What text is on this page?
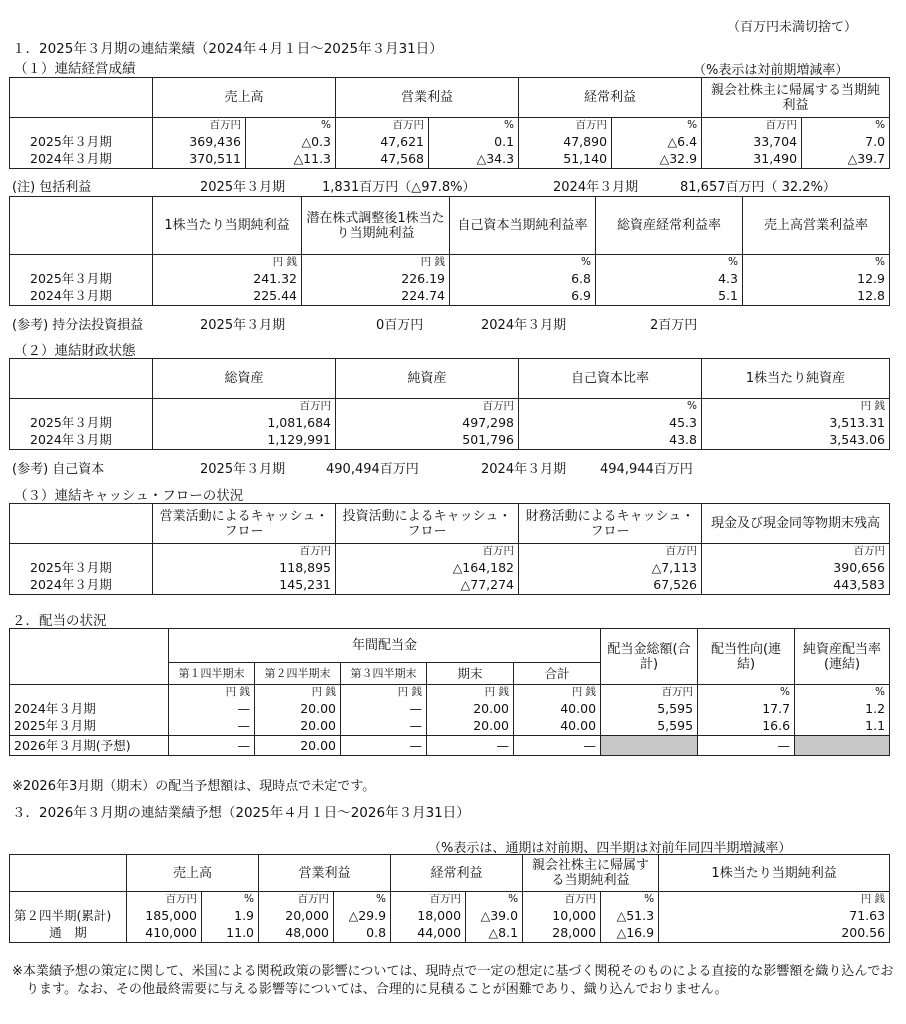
（百万円未満切捨て）
１．2025年３月期の連結業績（2024年４月１日～2025年３月31日）
（１）連結経営成績	（%表示は対前期増減率）
	売上高		営業利益		経常利益		親会社株主に帰属する当期純利益	
	百万円	%	百万円	%	百万円	%	百万円	%
2025年３月期	369,436	△0.3	47,621	0.1	47,890	△6.4	33,704	7.0
2024年３月期	370,511	△11.3	47,568	△34.3	51,140	△32.9	31,490	△39.7
(注) 包括利益	2025年３月期	1,831百万円（△97.8%）	2024年３月期	81,657百万円（ 32.2%）
	1株当たり当期純利益	潜在株式調整後1株当たり当期純利益	自己資本当期純利益率	総資産経常利益率	売上高営業利益率
	円 銭	円 銭	%	%	%
2025年３月期	241.32	226.19	6.8	4.3	12.9
2024年３月期	225.44	224.74	6.9	5.1	12.8
(参考) 持分法投資損益	2025年３月期	0百万円	2024年３月期	2百万円
（２）連結財政状態
	総資産	純資産	自己資本比率	1株当たり純資産
	百万円	百万円	%	円 銭
2025年３月期	1,081,684	497,298	45.3	3,513.31
2024年３月期	1,129,991	501,796	43.8	3,543.06
(参考) 自己資本	2025年３月期	490,494百万円	2024年３月期	494,944百万円
（３）連結キャッシュ・フローの状況
	営業活動によるキャッシュ・フロー	投資活動によるキャッシュ・フロー	財務活動によるキャッシュ・フロー	現金及び現金同等物期末残高
	百万円	百万円	百万円	百万円
2025年３月期	118,895	△164,182	△7,113	390,656
2024年３月期	145,231	△77,274	67,526	443,583
２．配当の状況
	年間配当金					配当金総額(合計)	配当性向(連結)	純資産配当率(連結)
	第１四半期末	第２四半期末	第３四半期末	期末	合計			
	円 銭	円 銭	円 銭	円 銭	円 銭	百万円	%	%
2024年３月期	—	20.00	—	20.00	40.00	5,595	17.7	1.2
2025年３月期	—	20.00	—	20.00	40.00	5,595	16.6	1.1
2026年３月期(予想)	—	20.00	—	—	—		—	
※2026年3月期（期末）の配当予想額は、現時点で未定です。
３．2026年３月期の連結業績予想（2025年４月１日～2026年３月31日）
（%表示は、通期は対前期、四半期は対前年同四半期増減率）
	売上高		営業利益		経常利益		親会社株主に帰属する当期純利益		1株当たり当期純利益
	百万円	%	百万円	%	百万円	%	百万円	%	円 銭
第２四半期(累計)	185,000	1.9	20,000	△29.9	18,000	△39.0	10,000	△51.3	71.63
通　期	410,000	11.0	48,000	0.8	44,000	△8.1	28,000	△16.9	200.56
※本業績予想の策定に関して、米国による関税政策の影響については、現時点で一定の想定に基づく関税そのものによる直接的な影響額を織り込んでおります。なお、その他最終需要に与える影響等については、合理的に見積ることが困難であり、織り込んでおりません。
